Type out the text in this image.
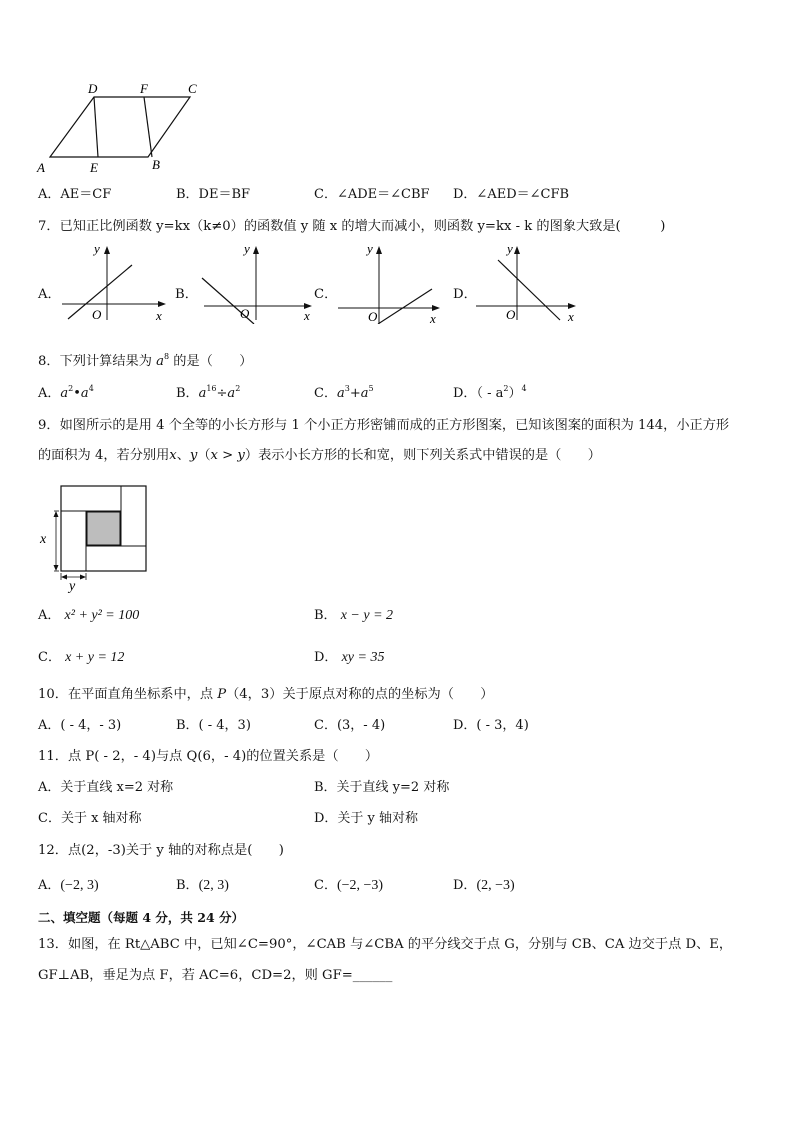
D	F	C
A	E	B
A．AE＝CF	B．DE＝BF	C．∠ADE＝∠CBF D．∠AED＝∠CFB
7．已知正比例函数 y=kx（k≠0）的函数值 y 随 x 的增大而减小，则函数 y=kx - k 的图象大致是(　　　)
A．
y
x
O
B．
y
x
O
C．
y
x
O
D．
y
x
O
8．下列计算结果为 $a^8$ 的是（　　）
A．$a^2•a^4$	B．$a^{16}\div a^2$	C．$a^3+a^5$	D．（ - $a^2)^4$
9．如图所示的是用 4 个全等的小长方形与 1 个小正方形密铺而成的正方形图案，已知该图案的面积为 144，小正方形
的面积为 4，若分别用x、y（x > y）表示小长方形的长和宽，则下列关系式中错误的是（　　）
x
y
A． x² + y² = 100	B． x − y = 2
C． x + y = 12	D． xy = 35
10．在平面直角坐标系中，点 P（4，3）关于原点对称的点的坐标为（　　）
A．( - 4，- 3)	B．( - 4，3)	C．(3，- 4)	D．( - 3，4)
11．点 P( - 2，- 4)与点 Q(6，- 4)的位置关系是（　　）
A．关于直线 x=2 对称	B．关于直线 y=2 对称
C．关于 x 轴对称	D．关于 y 轴对称
12．点(2，-3)关于 y 轴的对称点是(　　)
A．(−2, 3)	B．(2, 3)	C．(−2, −3)	D．(2, −3)
二、填空题（每题 4 分，共 24 分）
13．如图，在 Rt△ABC 中，已知∠C=90°，∠CAB 与∠CBA 的平分线交于点 G，分别与 CB、CA 边交于点 D、E，
GF⊥AB，垂足为点 F，若 AC=6，CD=2，则 GF=______
